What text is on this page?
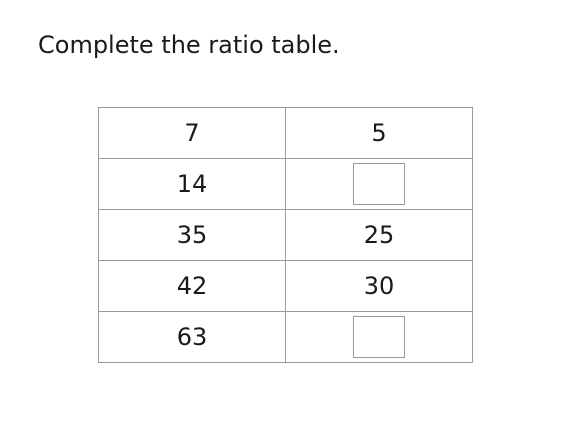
Complete the ratio table.
7	5
14	
35	25
42	30
63	
